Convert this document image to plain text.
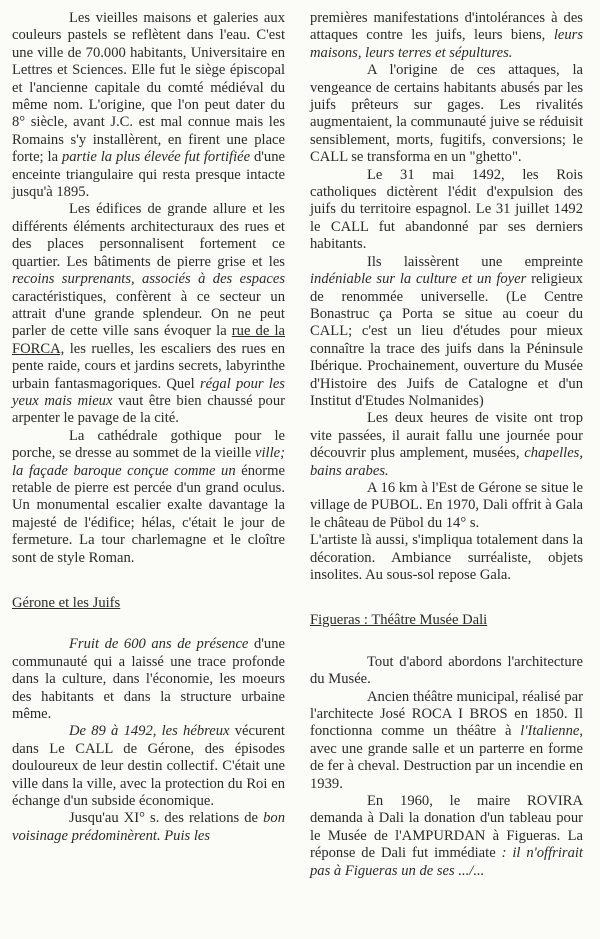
Les vieilles maisons et galeries aux couleurs pastels se reflètent dans l'eau. C'est une ville de 70.000 habitants, Universitaire en Lettres et Sciences. Elle fut le siège épiscopal et l'ancienne capitale du comté médiéval du même nom. L'origine, que l'on peut dater du 8° siècle, avant J.C. est mal connue mais les Romains s'y installèrent, en firent une place forte; la partie la plus élevée fut fortifiée d'une enceinte triangulaire qui resta presque intacte jusqu'à 1895.

Les édifices de grande allure et les différents éléments architecturaux des rues et des places personnalisent fortement ce quartier. Les bâtiments de pierre grise et les recoins surprenants, associés à des espaces caractéristiques, confèrent à ce secteur un attrait d'une grande splendeur. On ne peut parler de cette ville sans évoquer la rue de la FORCA, les ruelles, les escaliers des rues en pente raide, cours et jardins secrets, labyrinthe urbain fantasmagoriques. Quel régal pour les yeux mais mieux vaut être bien chaussé pour arpenter le pavage de la cité.

La cathédrale gothique pour le porche, se dresse au sommet de la vieille ville; la façade baroque conçue comme un énorme retable de pierre est percée d'un grand oculus. Un monumental escalier exalte davantage la majesté de l'édifice; hélas, c'était le jour de fermeture. La tour charlemagne et le cloître sont de style Roman.

Gérone et les Juifs

Fruit de 600 ans de présence d'une communauté qui a laissé une trace profonde dans la culture, dans l'économie, les moeurs des habitants et dans la structure urbaine même.

De 89 à 1492, les hébreux vécurent dans Le CALL de Gérone, des épisodes douloureux de leur destin collectif. C'était une ville dans la ville, avec la protection du Roi en échange d'un subside économique.

Jusqu'au XI° s. des relations de bon voisinage prédominèrent. Puis les

premières manifestations d'intolérances à des attaques contre les juifs, leurs biens, leurs maisons, leurs terres et sépultures.

A l'origine de ces attaques, la vengeance de certains habitants abusés par les juifs prêteurs sur gages. Les rivalités augmentaient, la communauté juive se réduisit sensiblement, morts, fugitifs, conversions; le CALL se transforma en un "ghetto".

Le 31 mai 1492, les Rois catholiques dictèrent l'édit d'expulsion des juifs du territoire espagnol. Le 31 juillet 1492 le CALL fut abandonné par ses derniers habitants.

Ils laissèrent une empreinte indéniable sur la culture et un foyer religieux de renommée universelle. (Le Centre Bonastruc ça Porta se situe au coeur du CALL; c'est un lieu d'études pour mieux connaître la trace des juifs dans la Péninsule Ibérique. Prochainement, ouverture du Musée d'Histoire des Juifs de Catalogne et d'un Institut d'Etudes Nolmanides)

Les deux heures de visite ont trop vite passées, il aurait fallu une journée pour découvrir plus amplement, musées, chapelles, bains arabes.

A 16 km à l'Est de Gérone se situe le village de PUBOL. En 1970, Dali offrit à Gala le château de Pübol du 14° s.

L'artiste là aussi, s'impliqua totalement dans la décoration. Ambiance surréaliste, objets insolites. Au sous-sol repose Gala.

Figueras : Théâtre Musée Dali

Tout d'abord abordons l'architecture du Musée.

Ancien théâtre municipal, réalisé par l'architecte José ROCA I BROS en 1850. Il fonctionna comme un théâtre à l'Italienne, avec une grande salle et un parterre en forme de fer à cheval. Destruction par un incendie en 1939.

En 1960, le maire ROVIRA demanda à Dali la donation d'un tableau pour le Musée de l'AMPURDAN à Figueras. La réponse de Dali fut immédiate : il n'offrirait pas à Figueras un de ses .../...
